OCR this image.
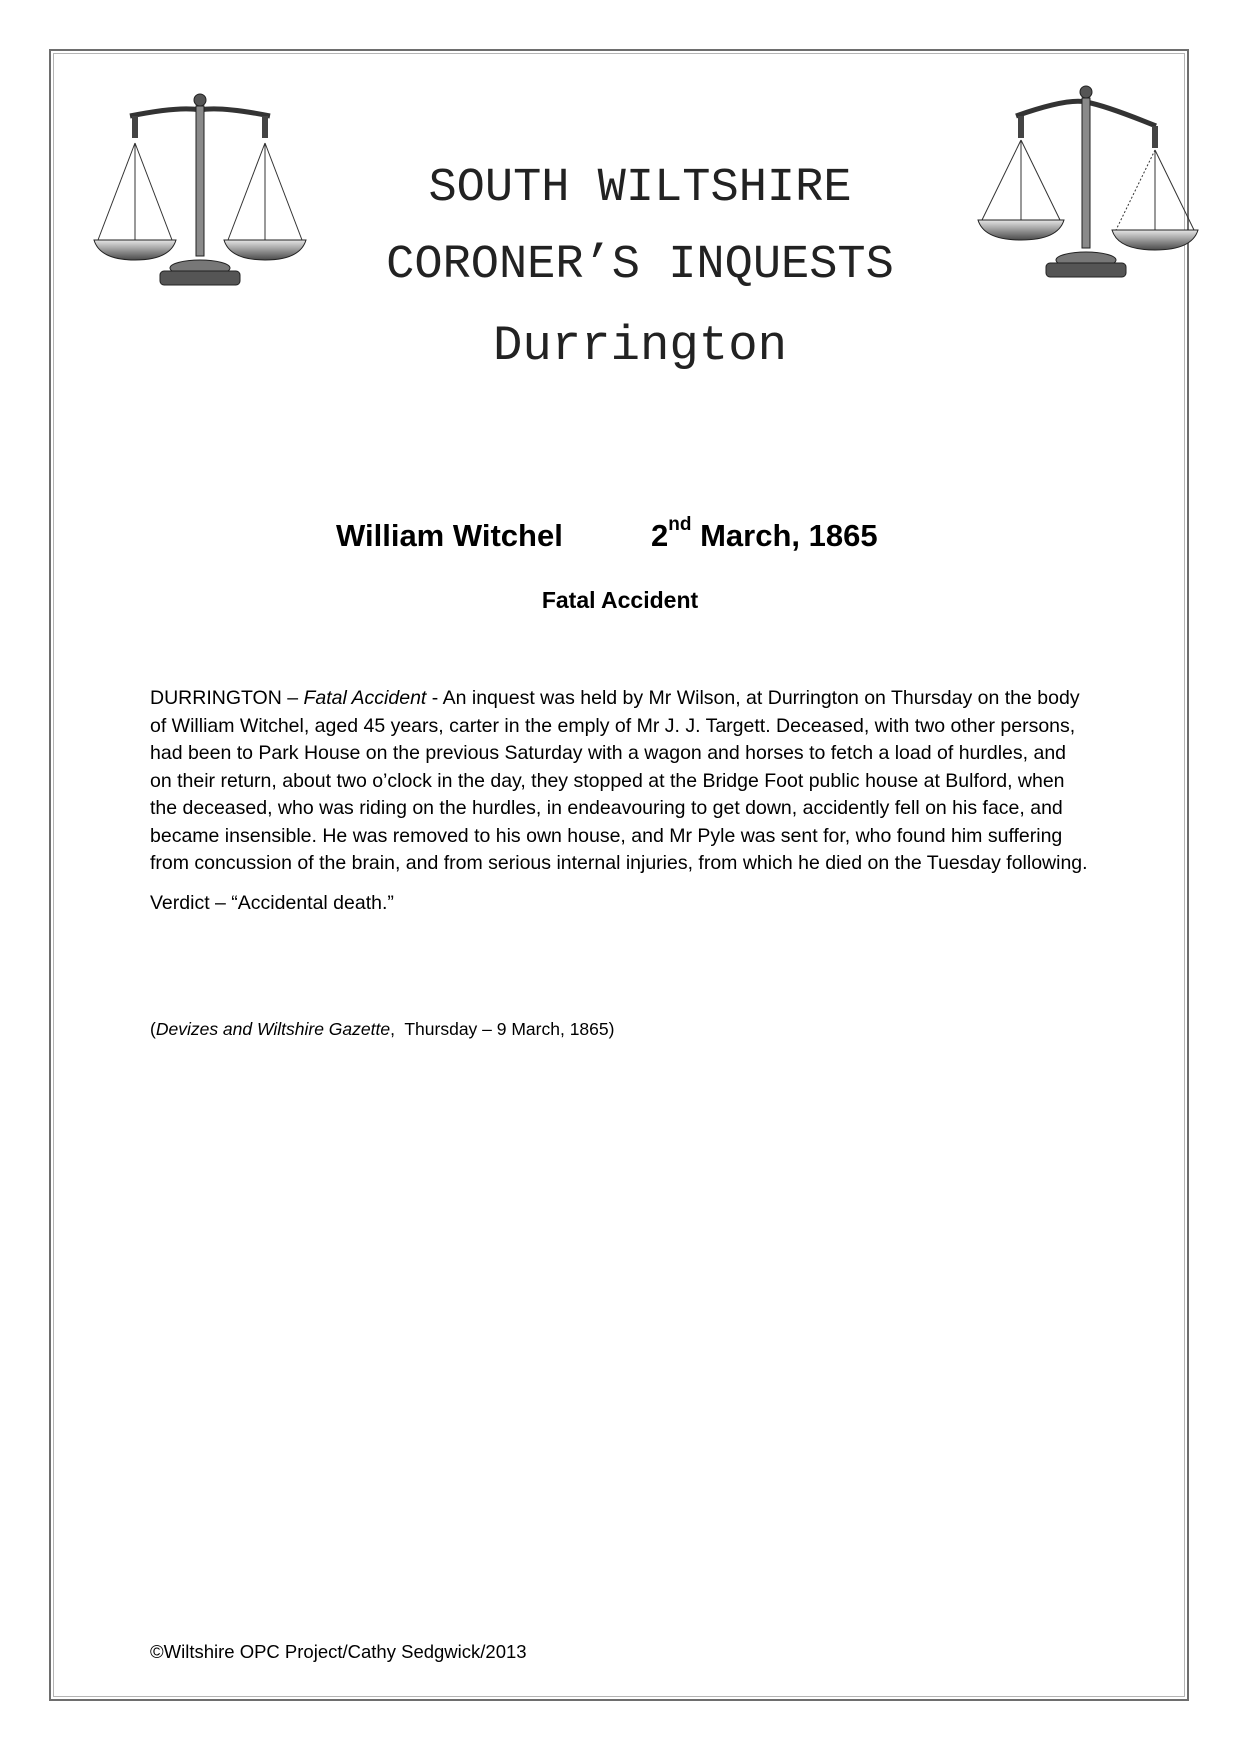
SOUTH WILTSHIRE
CORONER’S INQUESTS
Durrington
William Witchel	2nd March, 1865
Fatal Accident

DURRINGTON – Fatal Accident - An inquest was held by Mr Wilson, at Durrington on Thursday on the body of William Witchel, aged 45 years, carter in the emply of Mr J. J. Targett. Deceased, with two other persons, had been to Park House on the previous Saturday with a wagon and horses to fetch a load of hurdles, and on their return, about two o’clock in the day, they stopped at the Bridge Foot public house at Bulford, when the deceased, who was riding on the hurdles, in endeavouring to get down, accidently fell on his face, and became insensible. He was removed to his own house, and Mr Pyle was sent for, who found him suffering from concussion of the brain, and from serious internal injuries, from which he died on the Tuesday following.

Verdict – “Accidental death.”

(Devizes and Wiltshire Gazette,  Thursday – 9 March, 1865)
©Wiltshire OPC Project/Cathy Sedgwick/2013
